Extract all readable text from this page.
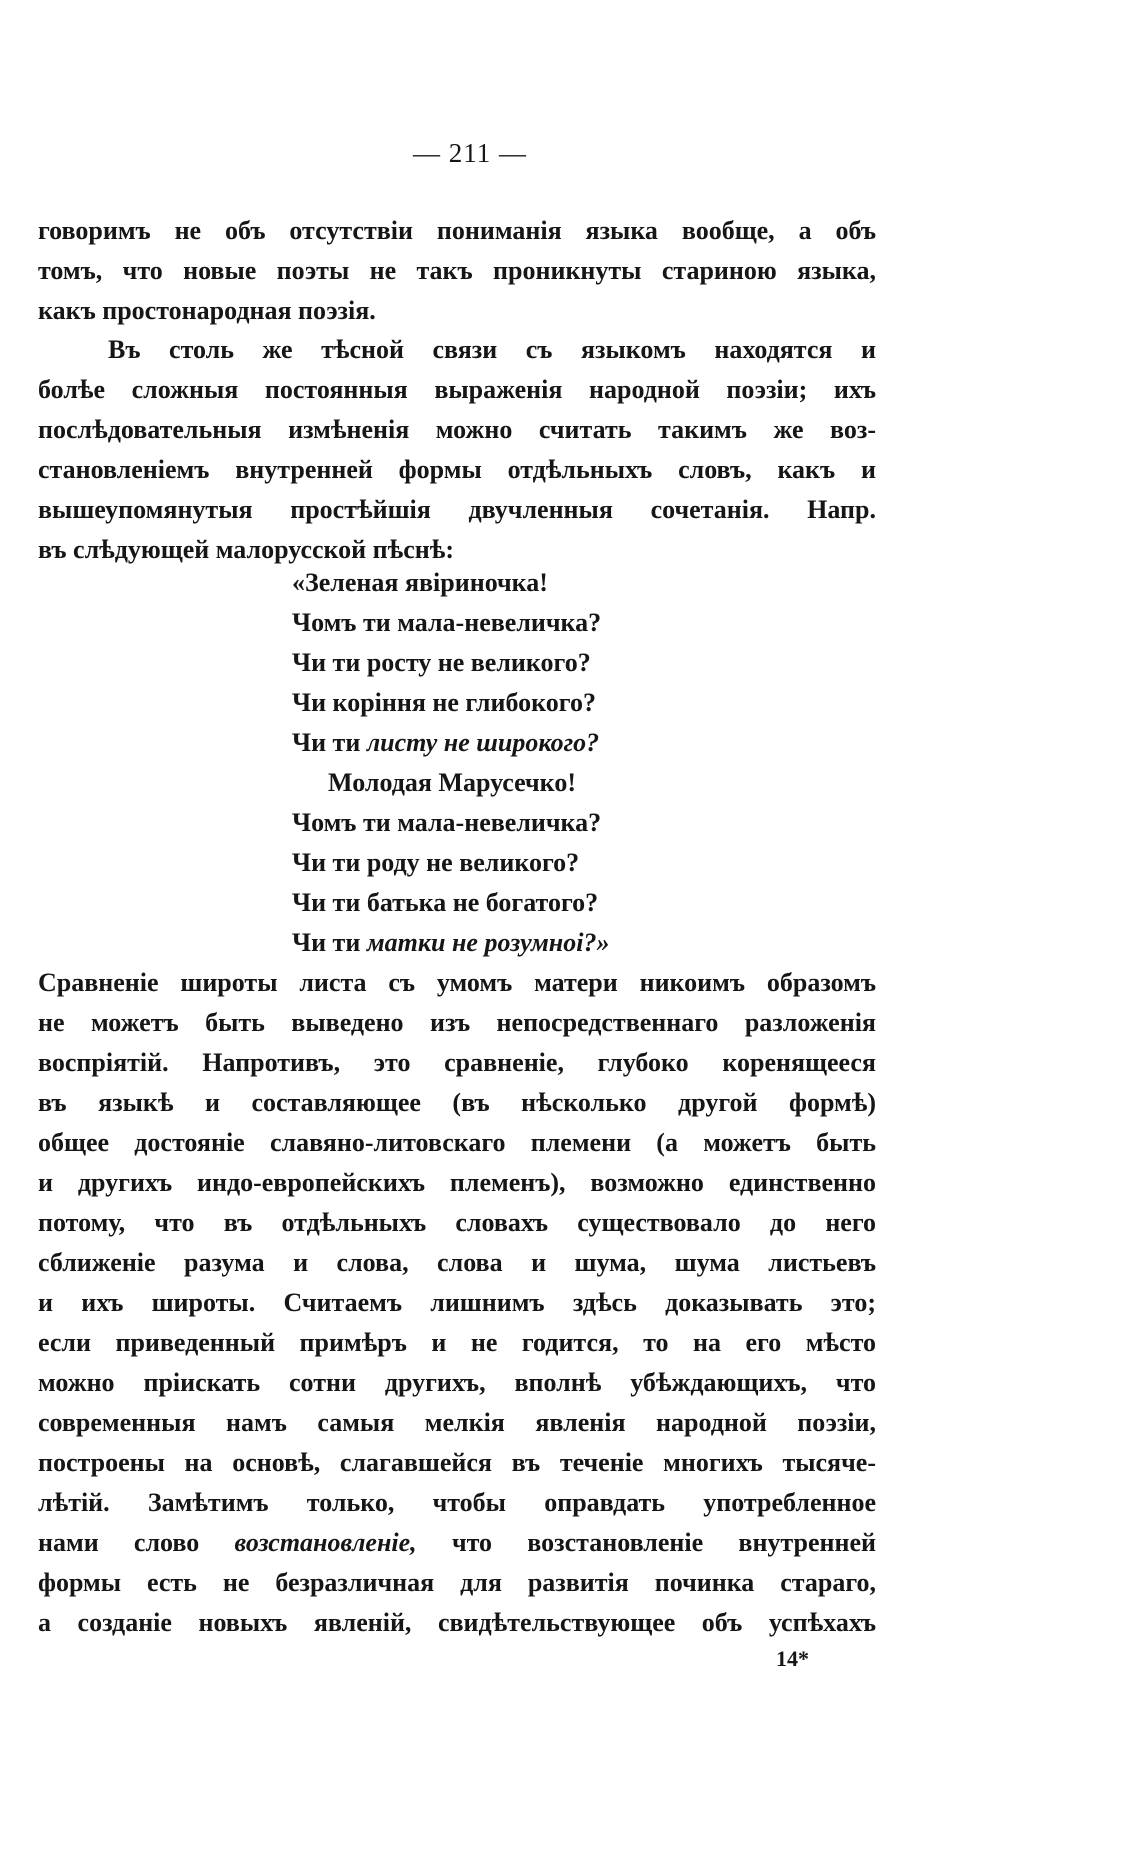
— 211 —
говоримъ не объ отсутствіи пониманія языка вообще, а объ
томъ, что новые поэты не такъ проникнуты стариною языка,
какъ простонародная поэзія.
Въ столь же тѣсной связи съ языкомъ находятся и
болѣе сложныя постоянныя выраженія народной поэзіи; ихъ
послѣдовательныя измѣненія можно считать такимъ же воз-
становленіемъ внутренней формы отдѣльныхъ словъ, какъ и
вышеупомянутыя простѣйшія двучленныя сочетанія. Напр.
въ слѣдующей малорусской пѣснѣ:
«Зеленая явіриночка!
Чомъ ти мала-невеличка?
Чи ти росту не великого?
Чи корiння не глибокого?
Чи ти листу не широкого?
Молодая Марусечко!
Чомъ ти мала-невеличка?
Чи ти роду не великого?
Чи ти батька не богатого?
Чи ти матки не розумноi?»
Сравненіе широты листа съ умомъ матери никоимъ образомъ
не можетъ быть выведено изъ непосредственнаго разложенія
воспріятій. Напротивъ, это сравненіе, глубоко коренящееся
въ языкѣ и составляющее (въ нѣсколько другой формѣ)
общее достояніе славяно-литовскаго племени (а можетъ быть
и другихъ индо-европейскихъ племенъ), возможно единственно
потому, что въ отдѣльныхъ словахъ существовало до него
сближеніе разума и слова, слова и шума, шума листьевъ
и ихъ широты. Считаемъ лишнимъ здѣсь доказывать это;
если приведенный примѣръ и не годится, то на его мѣсто
можно пріискать сотни другихъ, вполнѣ убѣждающихъ, что
современныя намъ самыя мелкія явленія народной поэзіи,
построены на основѣ, слагавшейся въ теченіе многихъ тысяче-
лѣтій. Замѣтимъ только, чтобы оправдать употребленное
нами слово возстановленіе, что возстановленіе внутренней
формы есть не безразличная для развитія починка стараго,
а созданіе новыхъ явленій, свидѣтельствующее объ успѣхахъ
14*
